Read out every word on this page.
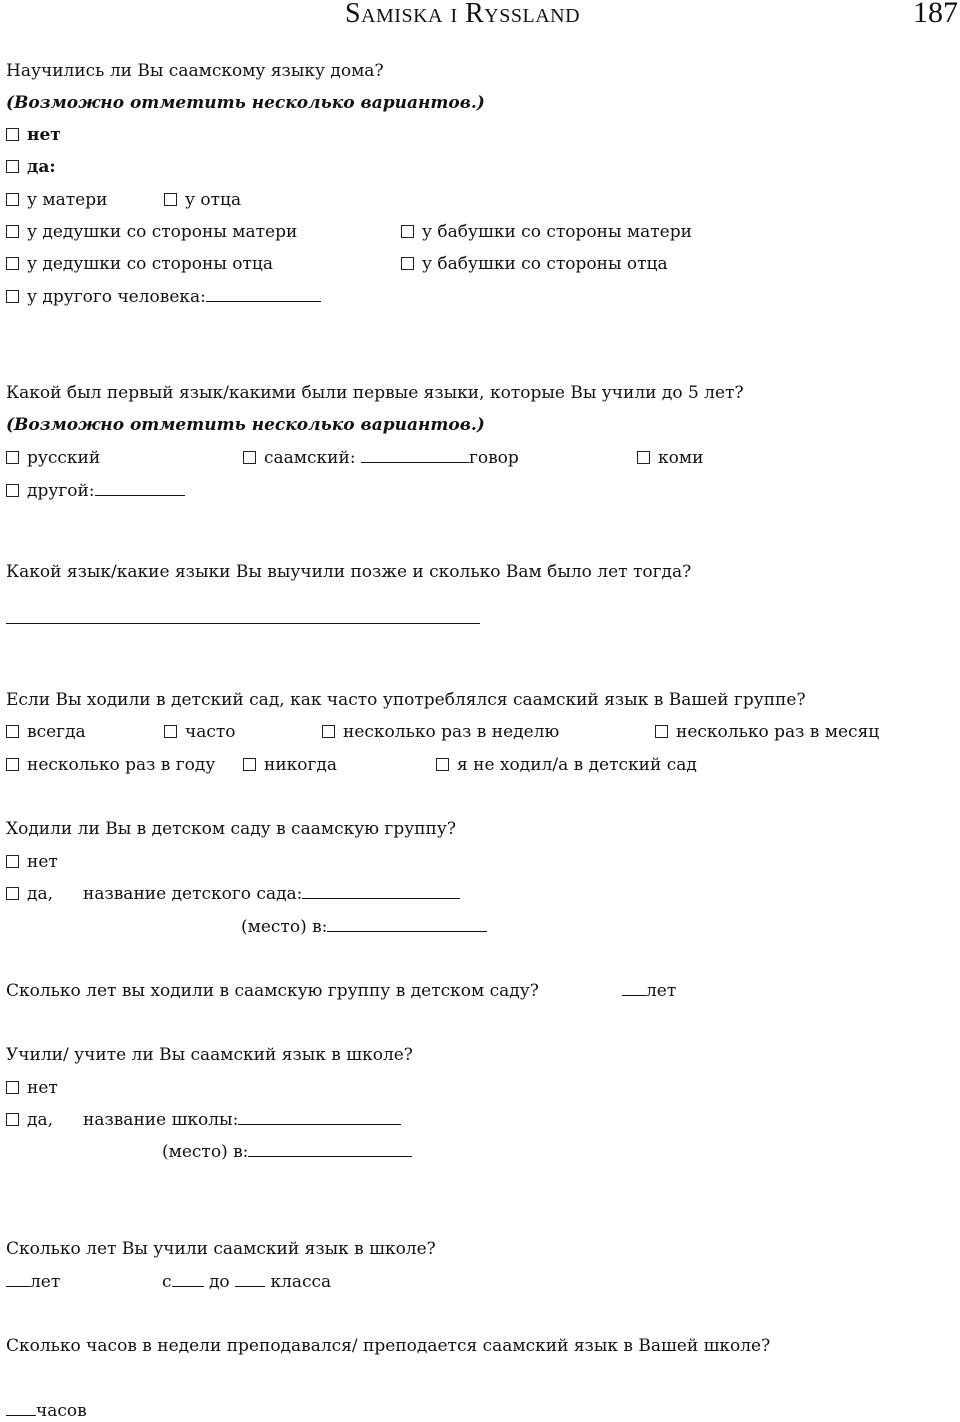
Samiska i Ryssland	187
Научились ли Вы саамскому языку дома?
(Возможно отметить несколько вариантов.)
нет
да:
у матери	у отца
у дедушки со стороны матери	у бабушки со стороны матери
у дедушки со стороны отца	у бабушки со стороны отца
у другого человека:
Какой был первый язык/какими были первые языки, которые Вы учили до 5 лет?
(Возможно отметить несколько вариантов.)
русский	саамский:	говор	коми
другой:
Какой язык/какие языки Вы выучили позже и сколько Вам было лет тогда?
Если Вы ходили в детский сад, как часто употреблялся саамский язык в Вашей группе?
всегда	часто	несколько раз в неделю	несколько раз в месяц
несколько раз в году	никогда	я не ходил/а в детский сад
Ходили ли Вы в детском саду в саамскую группу?
нет
да, название детского сада:
(место) в:
Сколько лет вы ходили в саамскую группу в детском саду?	лет
Учили/ учите ли Вы саамский язык в школе?
нет
да, название школы:
(место) в:
Сколько лет Вы учили саамский язык в школе?
лет	с до класса
Сколько часов в недели преподавался/ преподается саамский язык в Вашей школе?
часов
